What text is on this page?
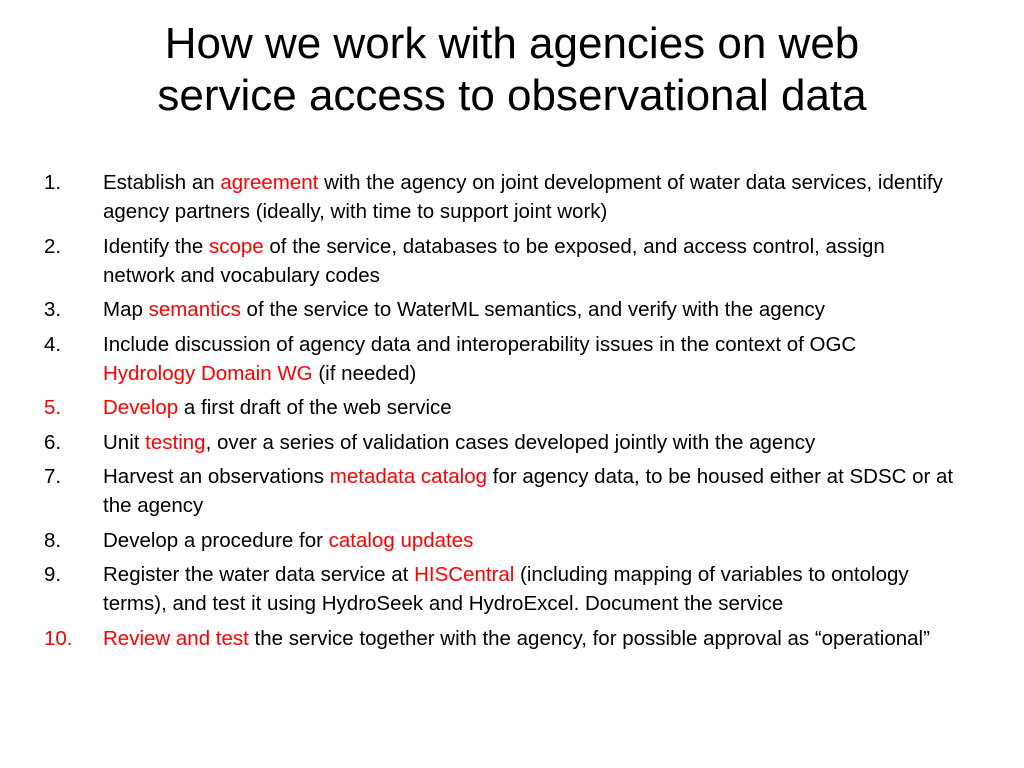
How we work with agencies on web
service access to observational data
1. Establish an agreement with the agency on joint development of water data services, identify agency partners (ideally, with time to support joint work)
2. Identify the scope of the service, databases to be exposed, and access control, assign network and vocabulary codes
3. Map semantics of the service to WaterML semantics, and verify with the agency
4. Include discussion of agency data and interoperability issues in the context of OGC Hydrology Domain WG (if needed)
5. Develop a first draft of the web service
6. Unit testing, over a series of validation cases developed jointly with the agency
7. Harvest an observations metadata catalog for agency data, to be housed either at SDSC or at the agency
8. Develop a procedure for catalog updates
9. Register the water data service at HISCentral (including mapping of variables to ontology terms), and test it using HydroSeek and HydroExcel. Document the service
10. Review and test the service together with the agency, for possible approval as “operational”
